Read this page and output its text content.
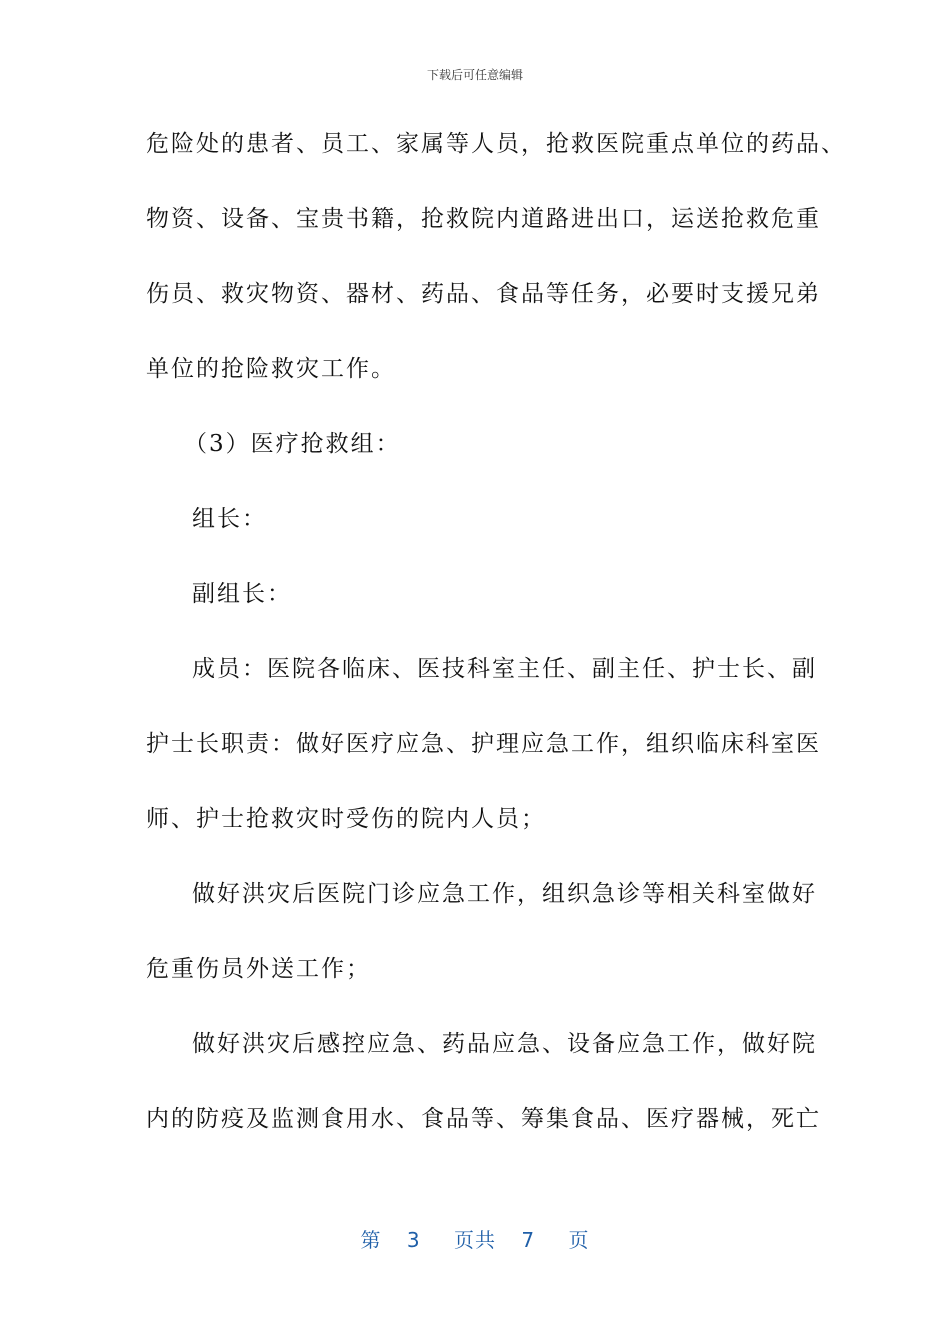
下载后可任意编辑
危险处的患者、员工、家属等人员，抢救医院重点单位的药品、
物资、设备、宝贵书籍，抢救院内道路进出口，运送抢救危重
伤员、救灾物资、器材、药品、食品等任务，必要时支援兄弟
单位的抢险救灾工作。
（3）医疗抢救组：
组长：
副组长：
成员：医院各临床、医技科室主任、副主任、护士长、副
护士长职责：做好医疗应急、护理应急工作，组织临床科室医
师、护士抢救灾时受伤的院内人员；
做好洪灾后医院门诊应急工作，组织急诊等相关科室做好
危重伤员外送工作；
做好洪灾后感控应急、药品应急、设备应急工作，做好院
内的防疫及监测食用水、食品等、筹集食品、医疗器械，死亡
第 3 页共 7 页
